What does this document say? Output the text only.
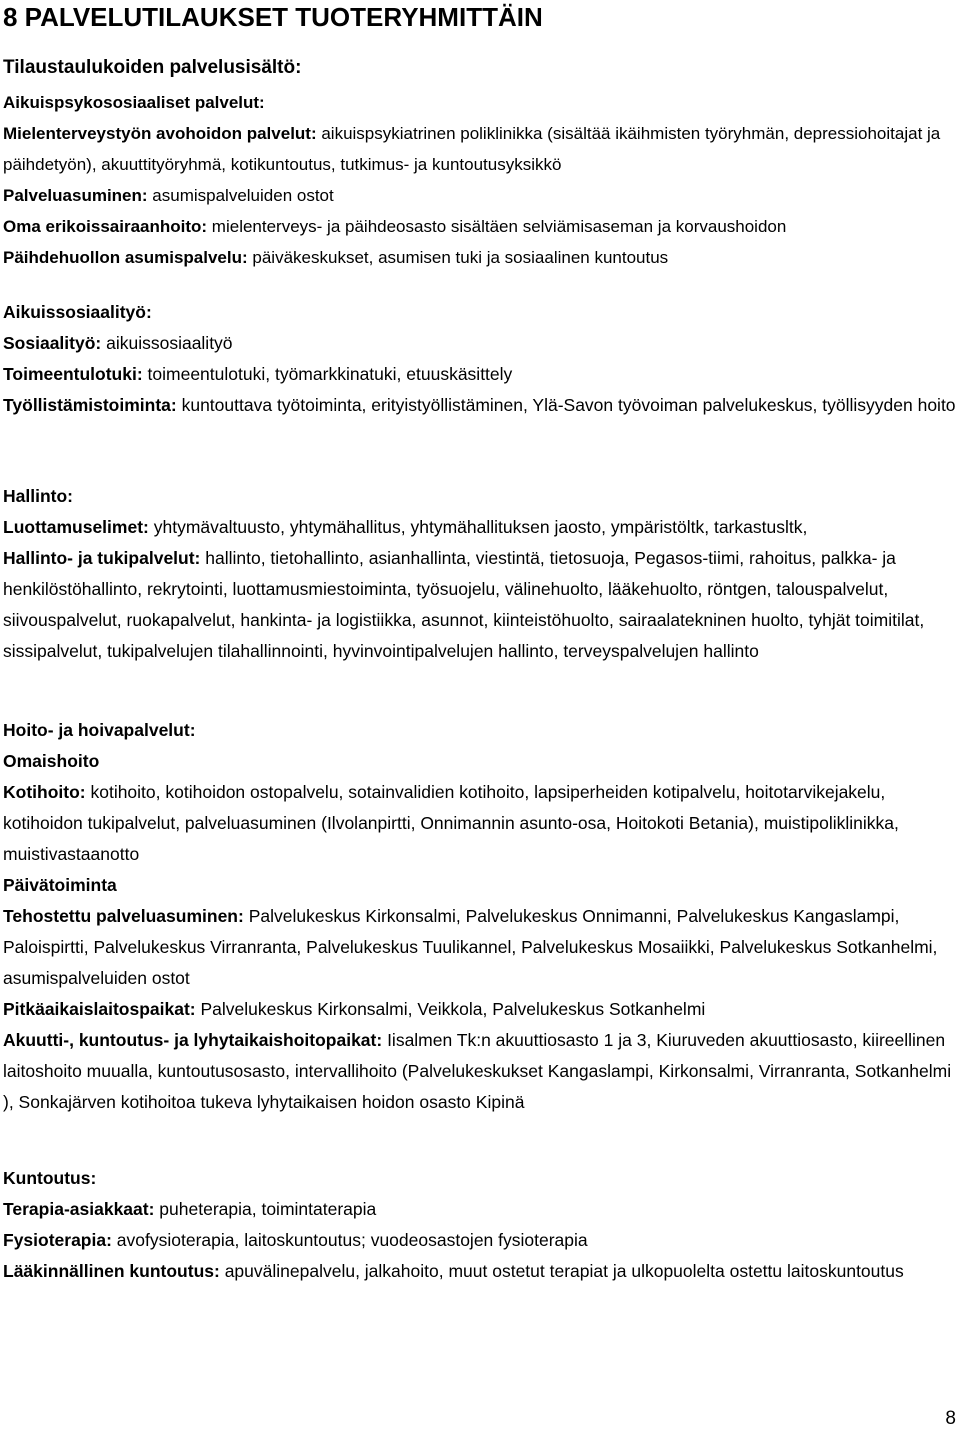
8 PALVELUTILAUKSET TUOTERYHMITTÄIN
Tilaustaulukoiden palvelusisältö:
Aikuispsykososiaaliset palvelut:
Mielenterveystyön avohoidon palvelut: aikuispsykiatrinen poliklinikka (sisältää ikäihmisten työryhmän, depressiohoitajat ja päihdetyön), akuuttityöryhmä, kotikuntoutus, tutkimus- ja kuntoutusyksikkö
Palveluasuminen: asumispalveluiden ostot
Oma erikoissairaanhoito: mielenterveys- ja päihdeosasto sisältäen selviämisaseman ja korvaushoidon
Päihdehuollon asumispalvelu: päiväkeskukset, asumisen tuki ja sosiaalinen kuntoutus
Aikuissosiaalityö:
Sosiaalityö: aikuissosiaalityö
Toimeentulotuki: toimeentulotuki, työmarkkinatuki, etuuskäsittely
Työllistämistoiminta: kuntouttava työtoiminta, erityistyöllistäminen, Ylä-Savon työvoiman palvelukeskus, työllisyyden hoito
Hallinto:
Luottamuselimet: yhtymävaltuusto, yhtymähallitus, yhtymähallituksen jaosto, ympäristöltk, tarkastusltk,
Hallinto- ja tukipalvelut: hallinto, tietohallinto, asianhallinta, viestintä, tietosuoja, Pegasos-tiimi, rahoitus, palkka- ja henkilöstöhallinto, rekrytointi, luottamusmiestoiminta, työsuojelu, välinehuolto, lääkehuolto, röntgen, talouspalvelut, siivouspalvelut, ruokapalvelut, hankinta- ja logistiikka, asunnot, kiinteistöhuolto, sairaalatekninen huolto, tyhjät toimitilat, sissipalvelut, tukipalvelujen tilahallinnointi, hyvinvointipalvelujen hallinto, terveyspalvelujen hallinto
Hoito- ja hoivapalvelut:
Omaishoito
Kotihoito: kotihoito, kotihoidon ostopalvelu, sotainvalidien kotihoito, lapsiperheiden kotipalvelu, hoitotarvikejakelu, kotihoidon tukipalvelut, palveluasuminen (Ilvolanpirtti, Onnimannin asunto-osa, Hoitokoti Betania), muistipoliklinikka, muistivastaanotto
Päivätoiminta
Tehostettu palveluasuminen: Palvelukeskus Kirkonsalmi, Palvelukeskus Onnimanni, Palvelukeskus Kangaslampi, Paloispirtti, Palvelukeskus Virranranta, Palvelukeskus Tuulikannel, Palvelukeskus Mosaiikki, Palvelukeskus Sotkanhelmi, asumispalveluiden ostot
Pitkäaikaislaitospaikat: Palvelukeskus Kirkonsalmi, Veikkola, Palvelukeskus Sotkanhelmi
Akuutti-, kuntoutus- ja lyhytaikaishoitopaikat: Iisalmen Tk:n akuuttiosasto 1 ja 3, Kiuruveden akuuttiosasto, kiireellinen laitoshoito muualla, kuntoutusosasto, intervallihoito (Palvelukeskukset Kangaslampi, Kirkonsalmi, Virranranta, Sotkanhelmi ), Sonkajärven kotihoitoa tukeva lyhytaikaisen hoidon osasto Kipinä
Kuntoutus:
Terapia-asiakkaat: puheterapia, toimintaterapia
Fysioterapia: avofysioterapia, laitoskuntoutus; vuodeosastojen fysioterapia
Lääkinnällinen kuntoutus: apuvälinepalvelu, jalkahoito, muut ostetut terapiat ja ulkopuolelta ostettu laitoskuntoutus
8
